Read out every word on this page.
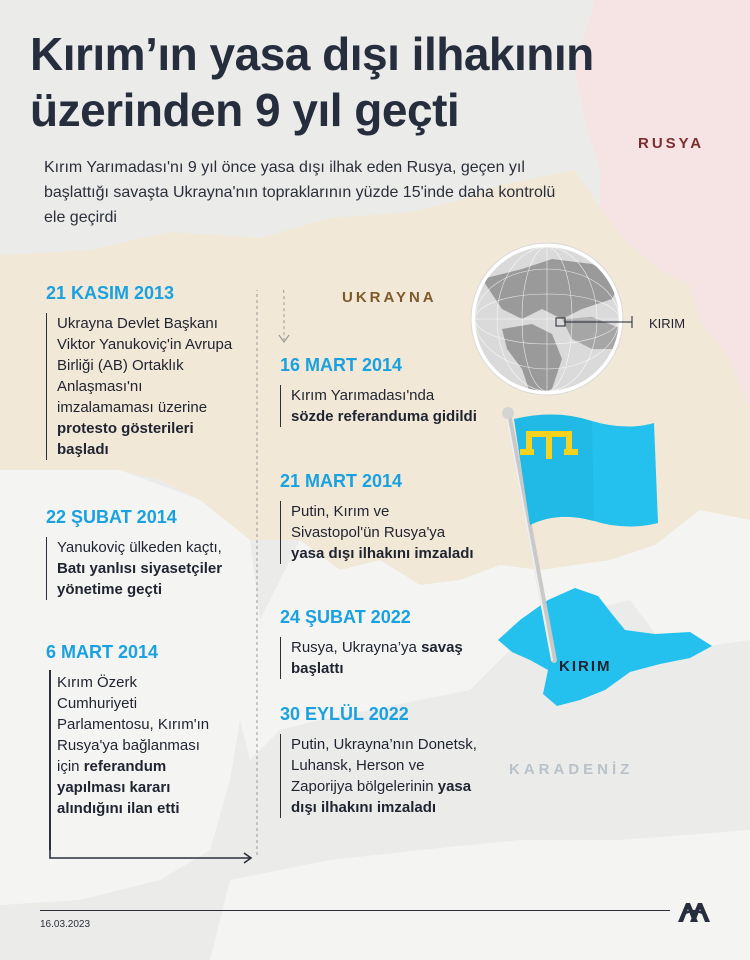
Kırım’ın yasa dışı ilhakının üzerinden 9 yıl geçti

Kırım Yarımadası'nı 9 yıl önce yasa dışı ilhak eden Rusya, geçen yıl başlattığı savaşta Ukrayna'nın topraklarının yüzde 15'inde daha kontrolü ele geçirdi

RUSYA
UKRAYNA
KARADENİZ
KIRIM
KIRIM

21 KASIM 2013

Ukrayna Devlet Başkanı Viktor Yanukoviç'in Avrupa Birliği (AB) Ortaklık Anlaşması'nı imzalamaması üzerine protesto gösterileri başladı

22 ŞUBAT 2014

Yanukoviç ülkeden kaçtı, Batı yanlısı siyasetçiler yönetime geçti

6 MART 2014

Kırım Özerk Cumhuriyeti Parlamentosu, Kırım'ın Rusya'ya bağlanması için referandum yapılması kararı alındığını ilan etti

16 MART 2014

Kırım Yarımadası'nda sözde referanduma gidildi

21 MART 2014

Putin, Kırım ve Sivastopol'ün Rusya'ya yasa dışı ilhakını imzaladı

24 ŞUBAT 2022

Rusya, Ukrayna’ya savaş başlattı

30 EYLÜL 2022

Putin, Ukrayna’nın Donetsk, Luhansk, Herson ve Zaporijya bölgelerinin yasa dışı ilhakını imzaladı

16.03.2023
